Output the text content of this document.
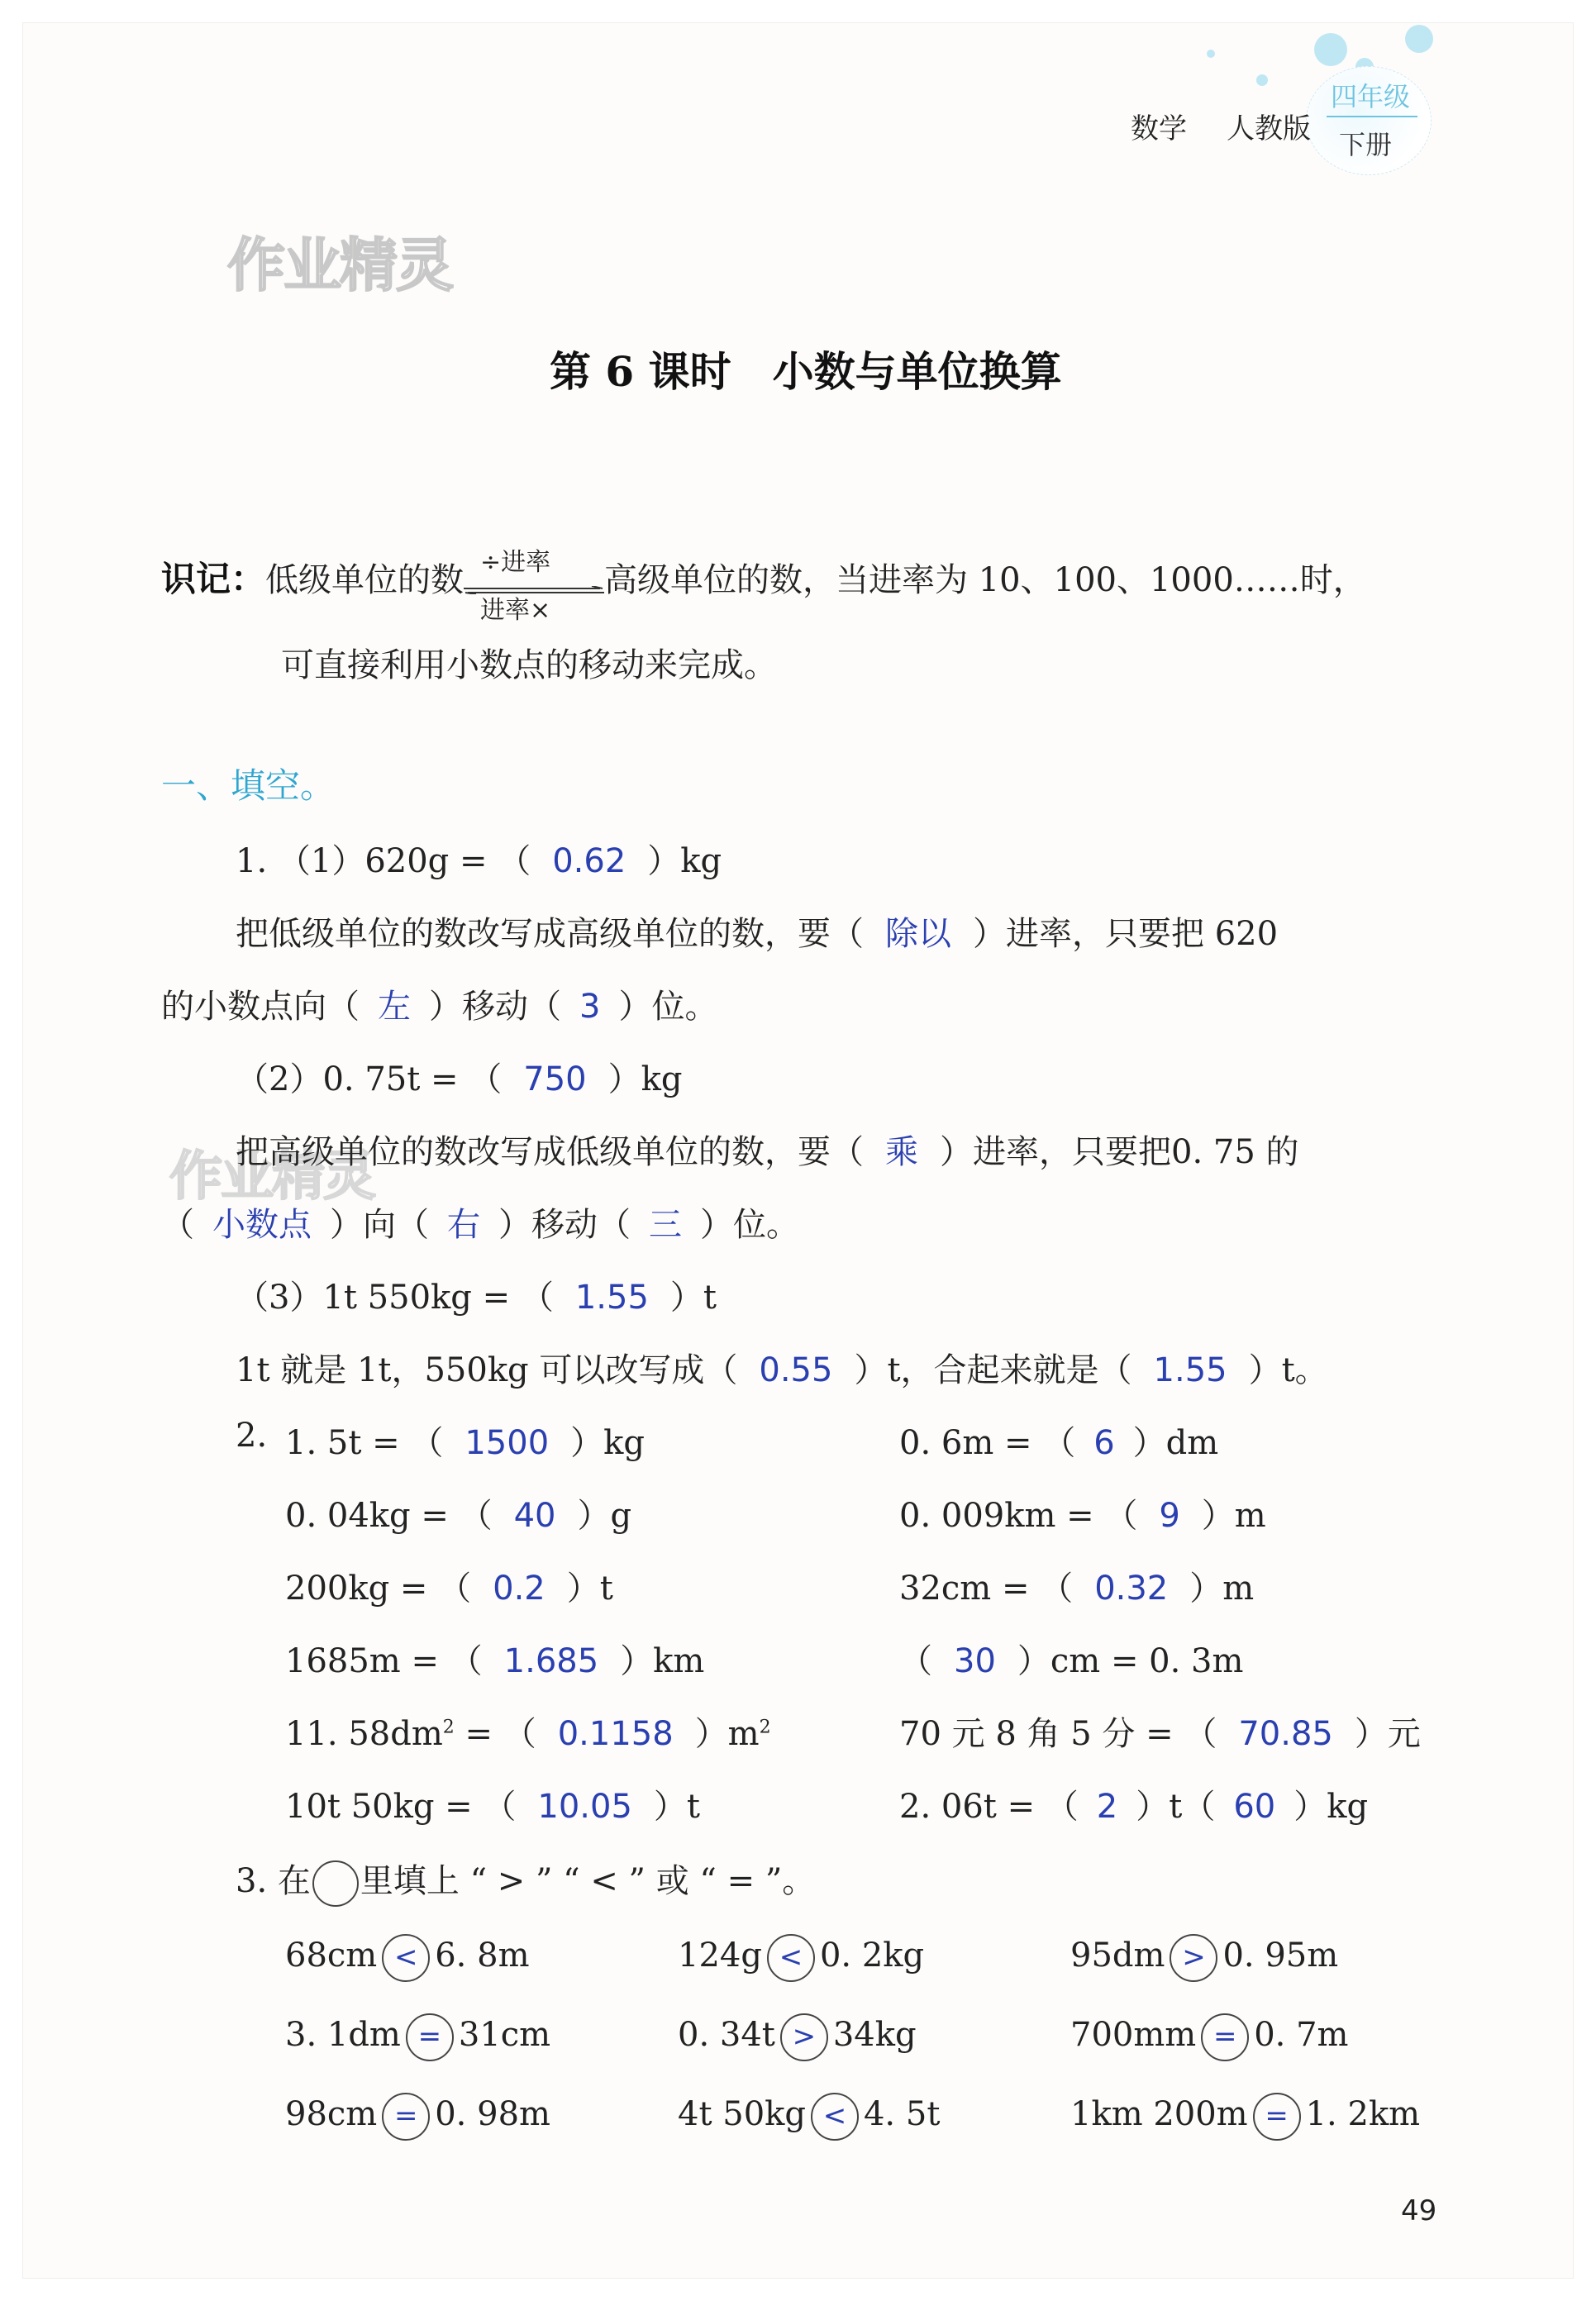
数学 人教版
四年级
下册
作业精灵
作业精灵
第 6 课时　小数与单位换算
识记：低级单位的数 ÷进率
进率×
高级单位的数，当进率为 10、100、1000……时，
可直接利用小数点的移动来完成。
一、填空。
1. （1）620g = （ 0.62 ）kg
把低级单位的数改写成高级单位的数，要（ 除以 ）进率，只要把 620
的小数点向（ 左 ）移动（ 3 ）位。
（2）0. 75t = （ 750 ）kg
把高级单位的数改写成低级单位的数，要（ 乘 ）进率，只要把0. 75 的
（ 小数点 ）向（ 右 ）移动（ 三 ）位。
（3）1t 550kg = （ 1.55 ）t
1t 就是 1t，550kg 可以改写成（ 0.55 ）t，合起来就是（ 1.55 ）t。
2. 1. 5t = （ 1500 ）kg	0. 6m = （ 6 ）dm
0. 04kg = （ 40 ）g	0. 009km = （ 9 ）m
200kg = （ 0.2 ）t	32cm = （ 0.32 ）m
1685m = （ 1.685 ）km	（ 30 ）cm = 0. 3m
11. $58dm^2$ = （ 0.1158 ）$m^2$	70 元 8 角 5 分 = （ 70.85 ）元
10t 50kg = （ 10.05 ）t	2. 06t = （ 2 ）t（ 60 ）kg
3. 在 里填上 “ > ” “ < ” 或 “ = ”。
68cm < 6. 8m	124g < 0. 2kg	95dm > 0. 95m
3. 1dm = 31cm	0. 34t > 34kg	700mm = 0. 7m
98cm = 0. 98m	4t 50kg < 4. 5t	1km 200m = 1. 2km
49
